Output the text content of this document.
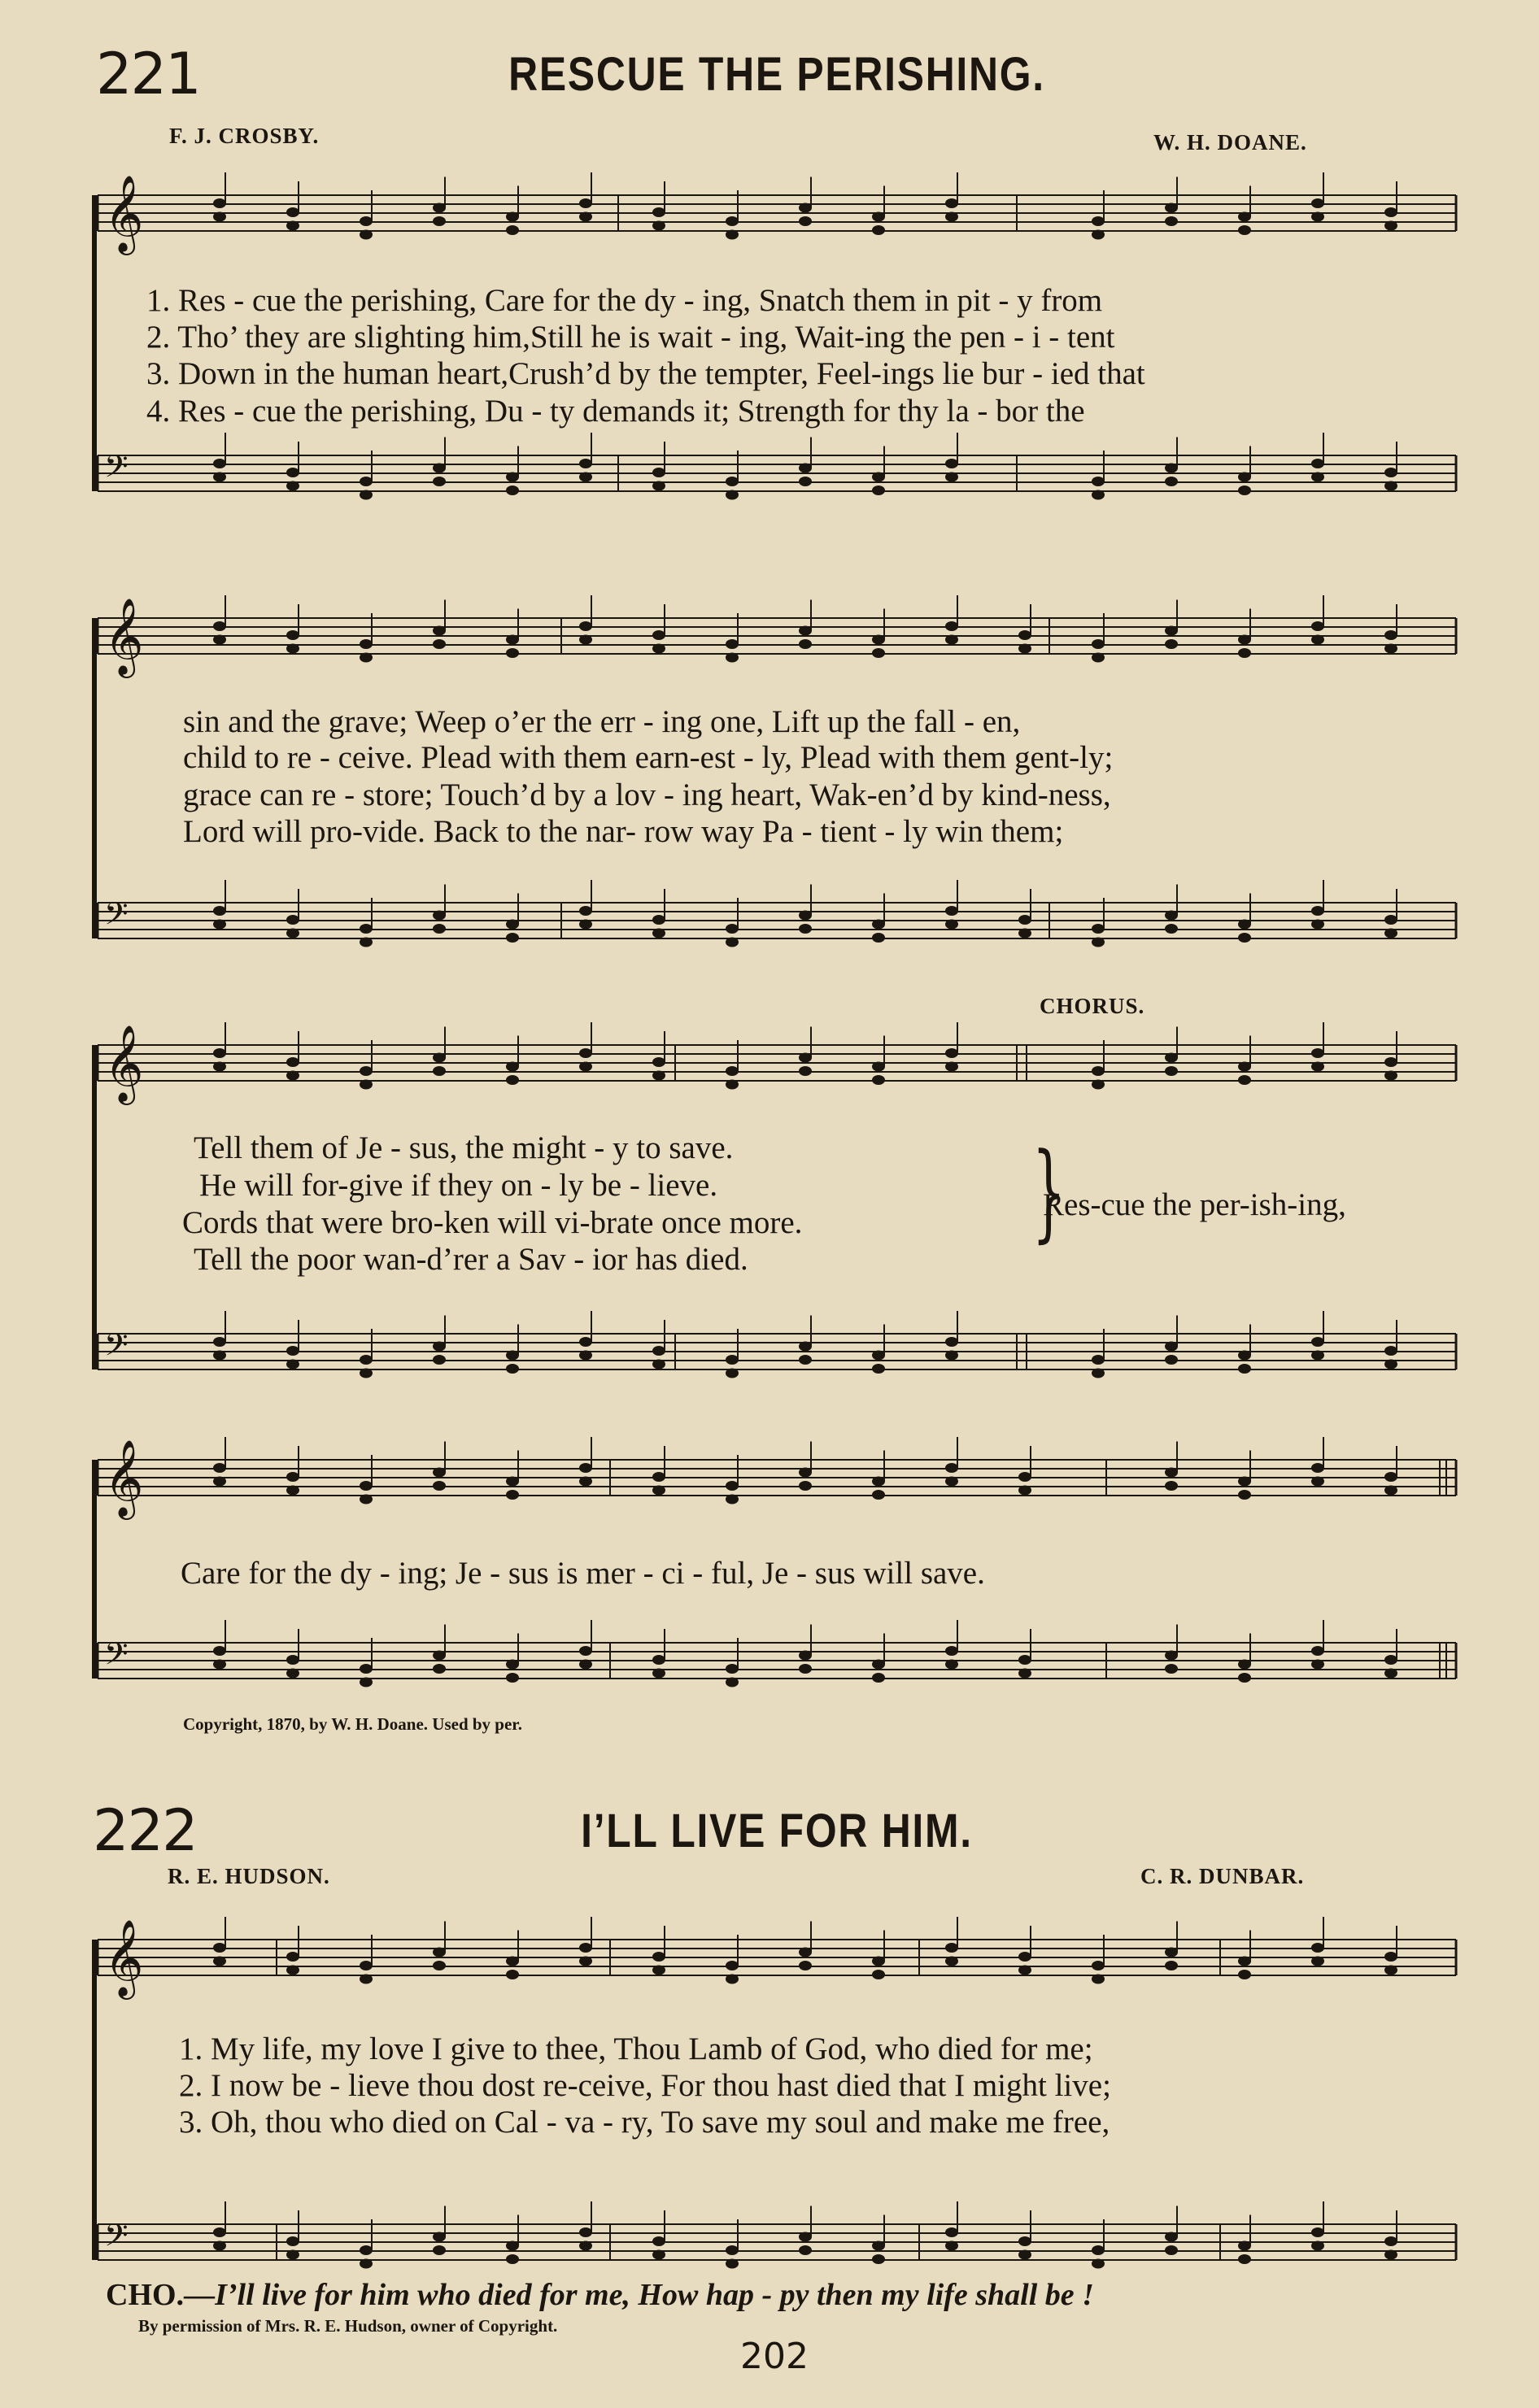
221	RESCUE THE PERISHING.
F. J. CROSBY.	W. H. DOANE.
𝄞
𝄢
𝄞
𝄢
𝄞
𝄢
𝄞
𝄢
𝄞
𝄢
1. Res - cue the perishing, Care for the dy - ing, Snatch them in pit - y from
2. Tho’ they are slighting him,Still he is wait - ing, Wait-ing the pen - i - tent
3. Down in the human heart,Crush’d by the tempter, Feel-ings lie bur - ied that
4. Res - cue the perishing, Du - ty demands it; Strength for thy la - bor the
sin and the grave; Weep o’er the err - ing one, Lift up the fall - en,
child to re - ceive. Plead with them earn-est - ly, Plead with them gent-ly;
grace can re - store; Touch’d by a lov - ing heart, Wak-en’d by kind-ness,
Lord will pro-vide. Back to the nar- row way Pa - tient - ly win them;
CHORUS.
Tell them of Je - sus, the might - y to save.
He will for-give if they on - ly be - lieve.
Cords that were bro-ken will vi-brate once more.
Tell the poor wan-d’rer a Sav - ior has died.
}
Res-cue the per-ish-ing,
Care for the dy - ing; Je - sus is mer - ci - ful, Je - sus will save.
Copyright, 1870, by W. H. Doane. Used by per.
222	I’LL LIVE FOR HIM.
R. E. HUDSON.	C. R. DUNBAR.
1. My life, my love I give to thee, Thou Lamb of God, who died for me;
2. I now be - lieve thou dost re-ceive, For thou hast died that I might live;
3. Oh, thou who died on Cal - va - ry, To save my soul and make me free,
CHO.—I’ll live for him who died for me, How hap - py then my life shall be !
By permission of Mrs. R. E. Hudson, owner of Copyright.
202
